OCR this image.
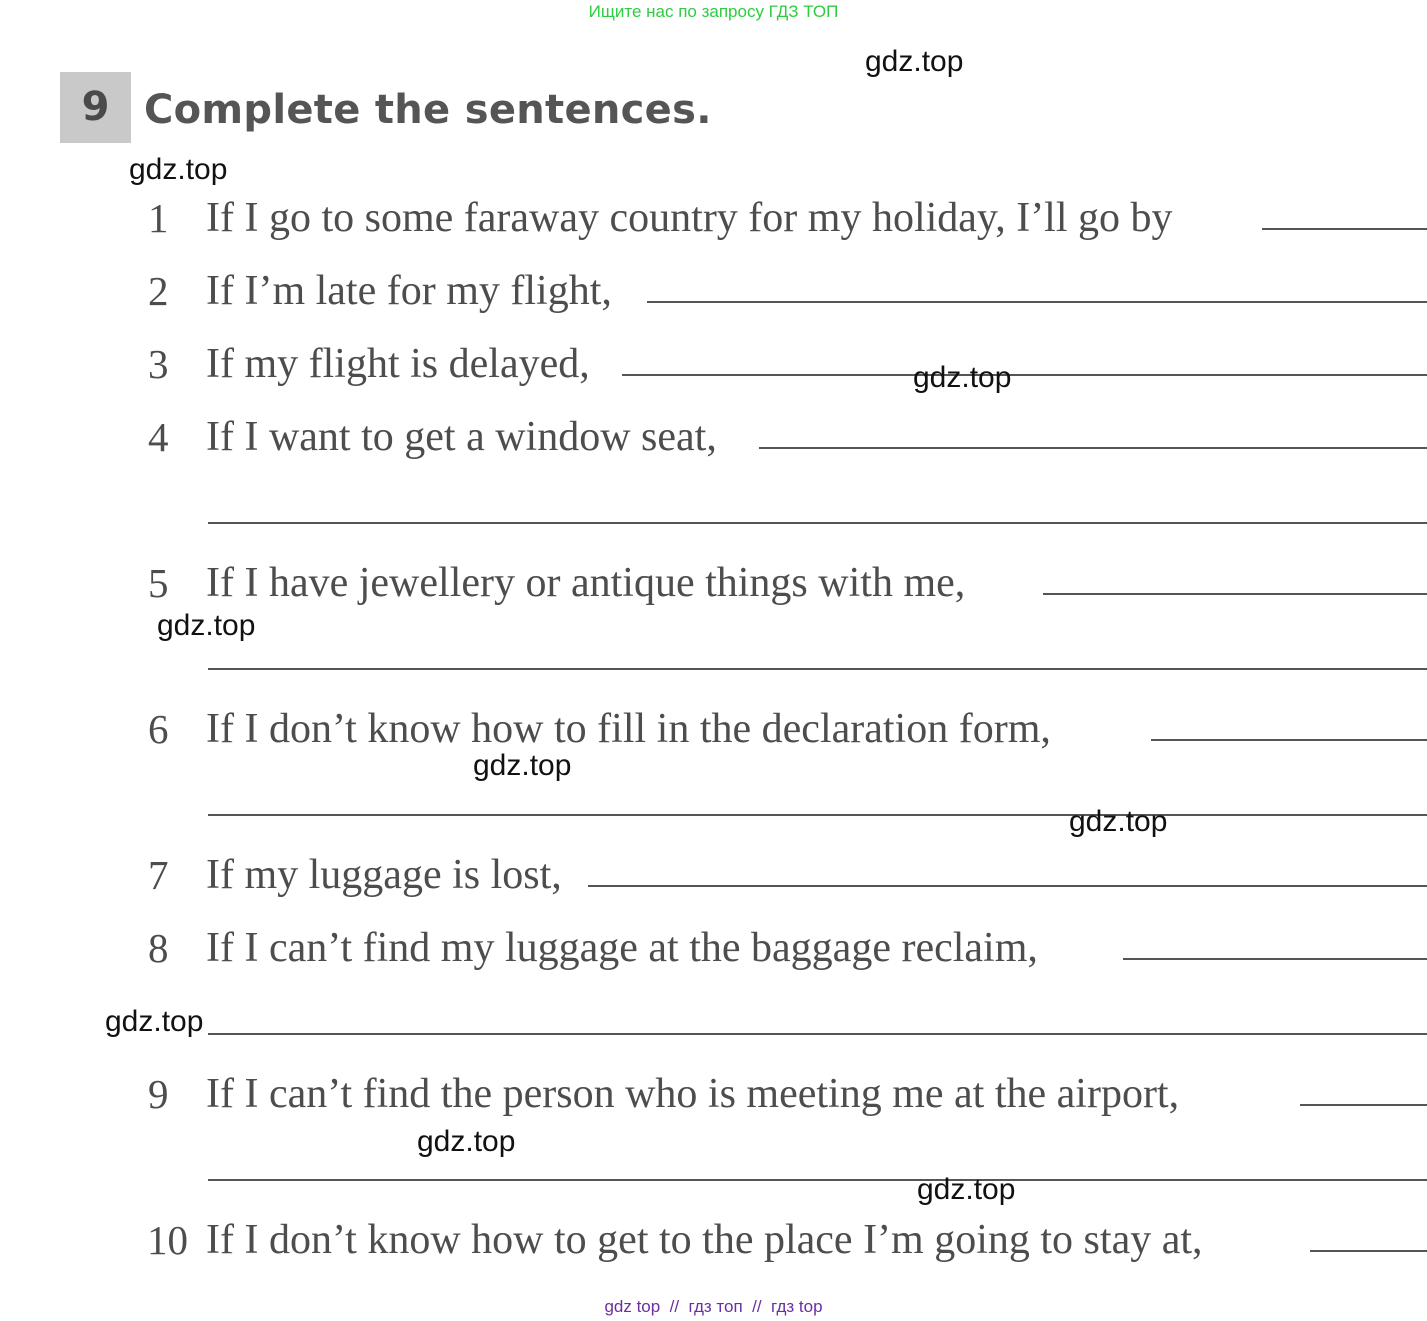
Ищите нас по запросу ГДЗ ТОП
9 Complete the sentences.
1 If I go to some faraway country for my holiday, I’ll go by
2 If I’m late for my flight,
3 If my flight is delayed,
4 If I want to get a window seat,
5 If I have jewellery or antique things with me,
6 If I don’t know how to fill in the declaration form,
7 If my luggage is lost,
8 If I can’t find my luggage at the baggage reclaim,
9 If I can’t find the person who is meeting me at the airport,
10 If I don’t know how to get to the place I’m going to stay at,
gdz.top
gdz.top
gdz.top
gdz.top
gdz.top
gdz.top
gdz.top
gdz.top
gdz.top
gdz top  //  гдз топ  //  гдз top
